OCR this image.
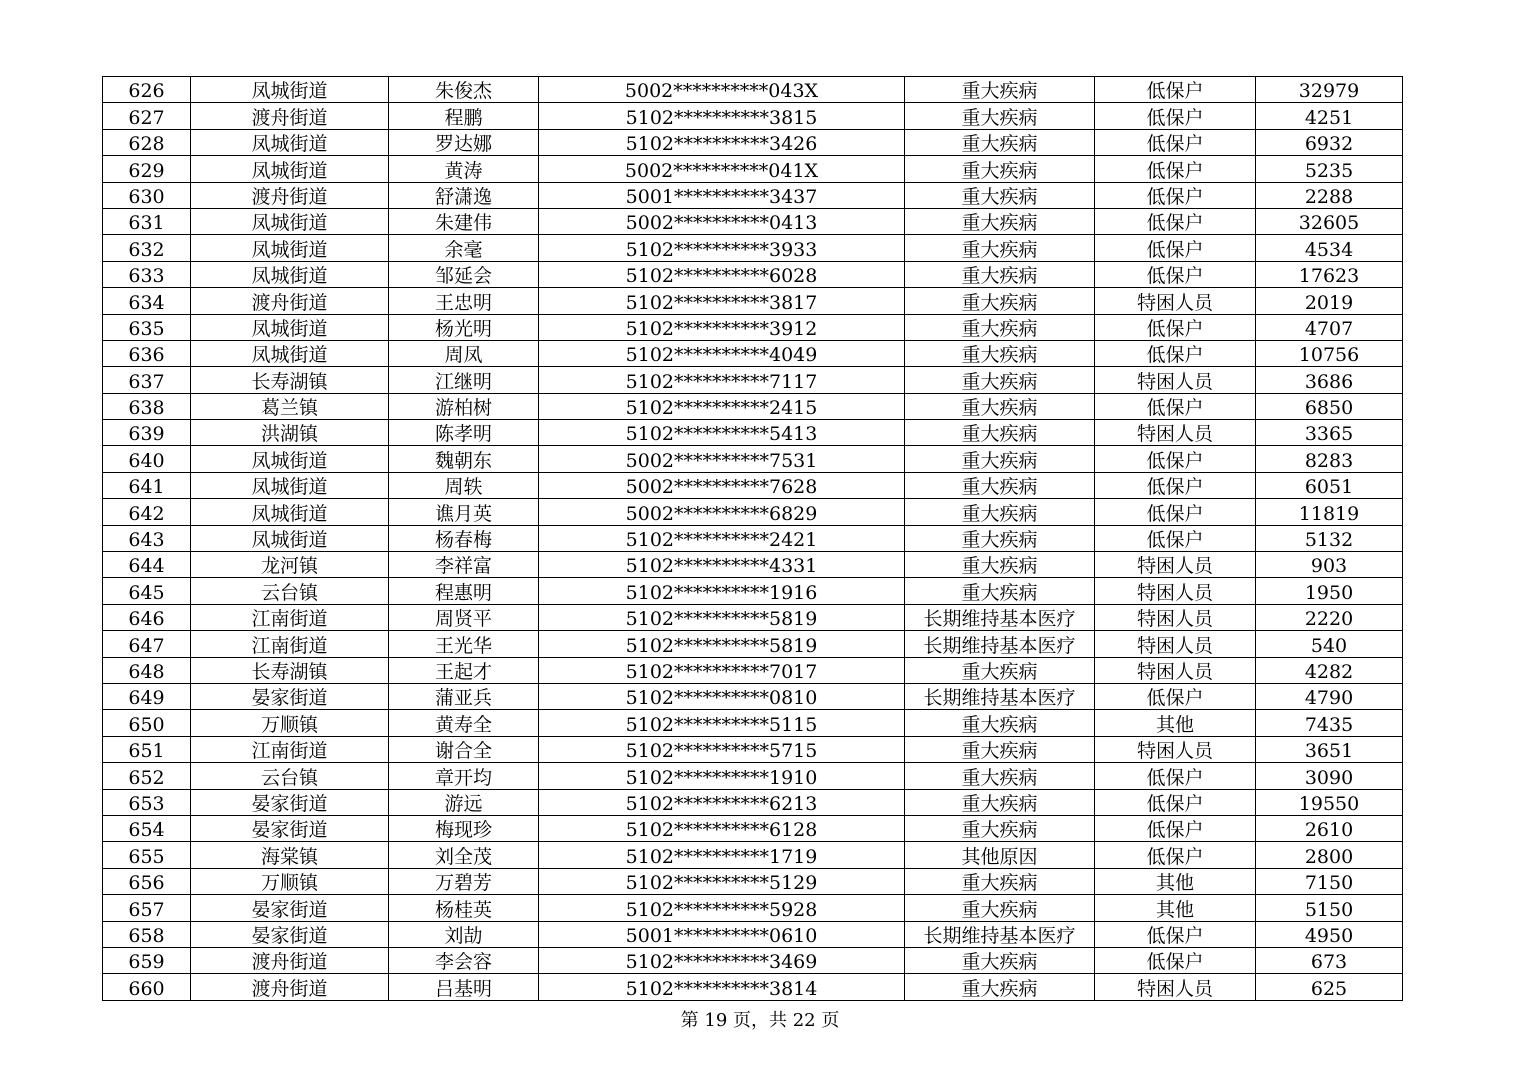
626	凤城街道	朱俊杰	5002**********043X	重大疾病	低保户	32979
627	渡舟街道	程鹏	5102**********3815	重大疾病	低保户	4251
628	凤城街道	罗达娜	5102**********3426	重大疾病	低保户	6932
629	凤城街道	黄涛	5002**********041X	重大疾病	低保户	5235
630	渡舟街道	舒潇逸	5001**********3437	重大疾病	低保户	2288
631	凤城街道	朱建伟	5002**********0413	重大疾病	低保户	32605
632	凤城街道	余毫	5102**********3933	重大疾病	低保户	4534
633	凤城街道	邹延会	5102**********6028	重大疾病	低保户	17623
634	渡舟街道	王忠明	5102**********3817	重大疾病	特困人员	2019
635	凤城街道	杨光明	5102**********3912	重大疾病	低保户	4707
636	凤城街道	周凤	5102**********4049	重大疾病	低保户	10756
637	长寿湖镇	江继明	5102**********7117	重大疾病	特困人员	3686
638	葛兰镇	游柏树	5102**********2415	重大疾病	低保户	6850
639	洪湖镇	陈孝明	5102**********5413	重大疾病	特困人员	3365
640	凤城街道	魏朝东	5002**********7531	重大疾病	低保户	8283
641	凤城街道	周轶	5002**********7628	重大疾病	低保户	6051
642	凤城街道	谯月英	5002**********6829	重大疾病	低保户	11819
643	凤城街道	杨春梅	5102**********2421	重大疾病	低保户	5132
644	龙河镇	李祥富	5102**********4331	重大疾病	特困人员	903
645	云台镇	程惠明	5102**********1916	重大疾病	特困人员	1950
646	江南街道	周贤平	5102**********5819	长期维持基本医疗	特困人员	2220
647	江南街道	王光华	5102**********5819	长期维持基本医疗	特困人员	540
648	长寿湖镇	王起才	5102**********7017	重大疾病	特困人员	4282
649	晏家街道	蒲亚兵	5102**********0810	长期维持基本医疗	低保户	4790
650	万顺镇	黄寿全	5102**********5115	重大疾病	其他	7435
651	江南街道	谢合全	5102**********5715	重大疾病	特困人员	3651
652	云台镇	章开均	5102**********1910	重大疾病	低保户	3090
653	晏家街道	游远	5102**********6213	重大疾病	低保户	19550
654	晏家街道	梅现珍	5102**********6128	重大疾病	低保户	2610
655	海棠镇	刘全茂	5102**********1719	其他原因	低保户	2800
656	万顺镇	万碧芳	5102**********5129	重大疾病	其他	7150
657	晏家街道	杨桂英	5102**********5928	重大疾病	其他	5150
658	晏家街道	刘劼	5001**********0610	长期维持基本医疗	低保户	4950
659	渡舟街道	李会容	5102**********3469	重大疾病	低保户	673
660	渡舟街道	吕基明	5102**********3814	重大疾病	特困人员	625
第 19 页，共 22 页
